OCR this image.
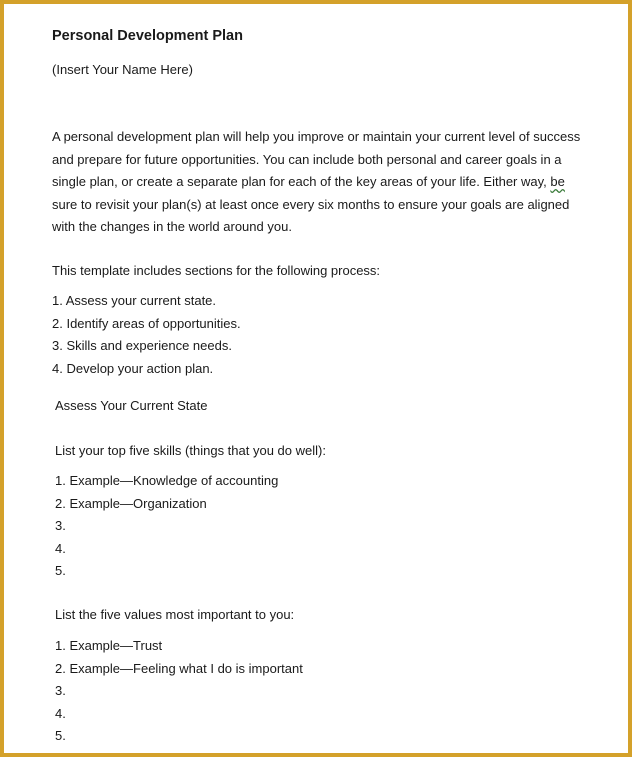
Personal Development Plan

(Insert Your Name Here)

A personal development plan will help you improve or maintain your current level of success
and prepare for future opportunities. You can include both personal and career goals in a
single plan, or create a separate plan for each of the key areas of your life. Either way, be
sure to revisit your plan(s) at least once every six months to ensure your goals are aligned
with the changes in the world around you.

This template includes sections for the following process:

1. Assess your current state.
2. Identify areas of opportunities.
3. Skills and experience needs.
4. Develop your action plan.

Assess Your Current State

List your top five skills (things that you do well):

1. Example—Knowledge of accounting
2. Example—Organization
3.
4.
5.

List the five values most important to you:

1. Example—Trust
2. Example—Feeling what I do is important
3.
4.
5.
